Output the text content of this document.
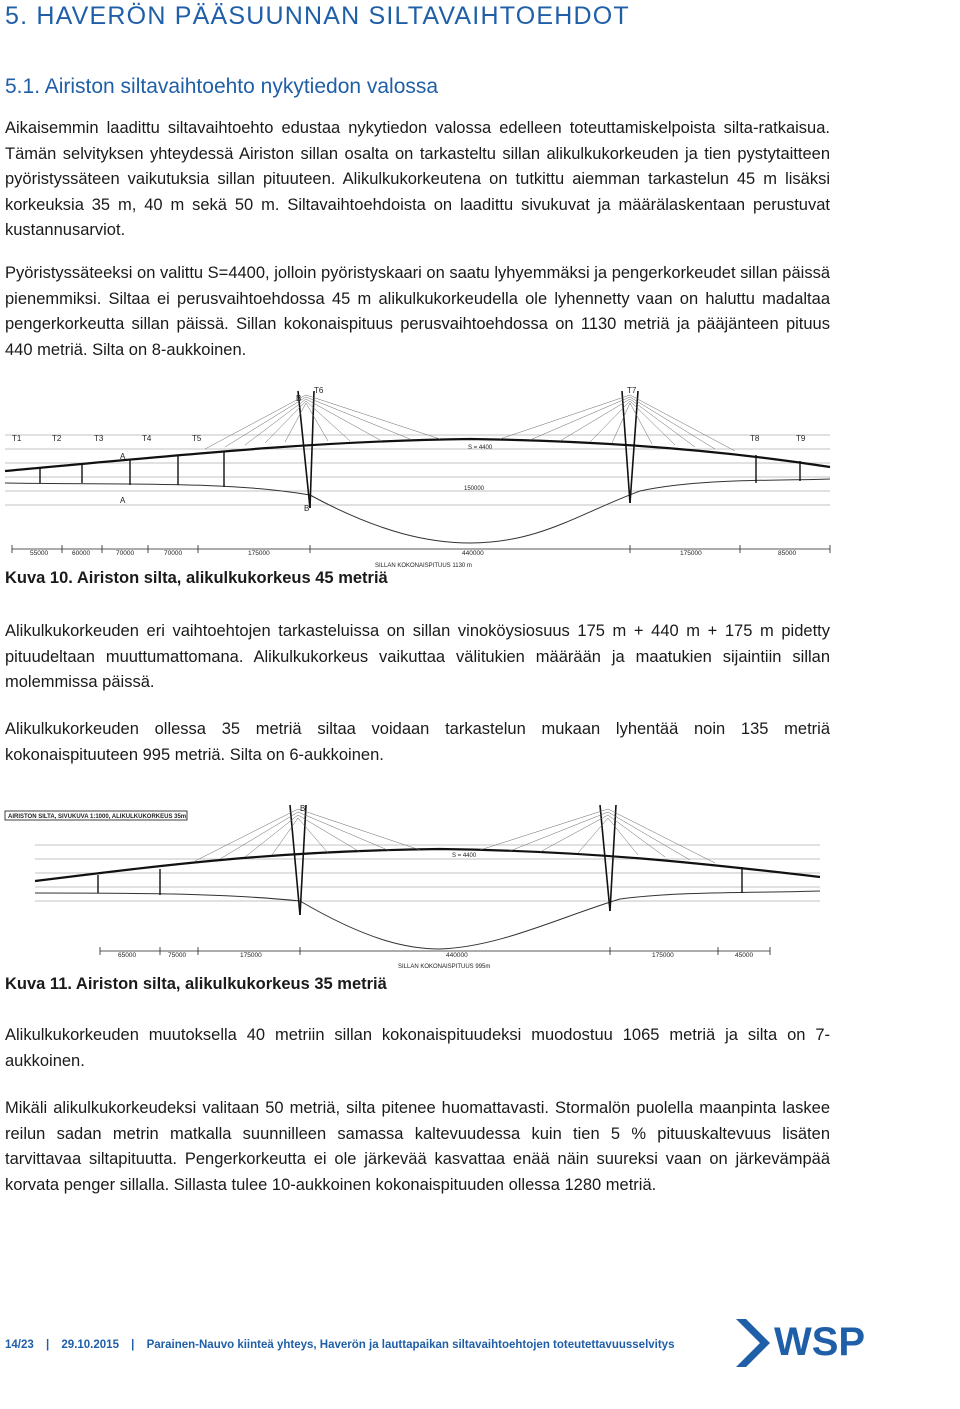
5. HAVERÖN PÄÄSUUNNAN SILTAVAIHTOEHDOT
5.1. Airiston siltavaihtoehto nykytiedon valossa

Aikaisemmin laadittu siltavaihtoehto edustaa nykytiedon valossa edelleen toteuttamiskelpoista silta-ratkaisua. Tämän selvityksen yhteydessä Airiston sillan osalta on tarkasteltu sillan alikulkukorkeuden ja tien pystytaitteen pyöristyssäteen vaikutuksia sillan pituuteen. Alikulkukorkeutena on tutkittu aiemman tarkastelun 45 m lisäksi korkeuksia 35 m, 40 m sekä 50 m. Siltavaihtoehdoista on laadittu sivukuvat ja määrälaskentaan perustuvat kustannusarviot.

Pyöristyssäteeksi on valittu S=4400, jolloin pyöristyskaari on saatu lyhyemmäksi ja pengerkorkeudet sillan päissä pienemmiksi. Siltaa ei perusvaihtoehdossa 45 m alikulkukorkeudella ole lyhennetty vaan on haluttu madaltaa pengerkorkeutta sillan päissä. Sillan kokonaispituus perusvaihtoehdossa on 1130 metriä ja pääjänteen pituus 440 metriä. Silta on 8-aukkoinen.

T6	T7
B
T1	T2	T3	T4	T5	T8	T9
A
A
B
S = 4400
150000
55000	60000	70000	70000	175000	440000	175000	85000
SILLAN KOKONAISPITUUS 1130 m
Kuva 10. Airiston silta, alikulkukorkeus 45 metriä

Alikulkukorkeuden eri vaihtoehtojen tarkasteluissa on sillan vinoköysiosuus 175 m + 440 m + 175 m pidetty pituudeltaan muuttumattomana. Alikulkukorkeus vaikuttaa välitukien määrään ja maatukien sijaintiin sillan molemmissa päissä.

Alikulkukorkeuden ollessa 35 metriä siltaa voidaan tarkastelun mukaan lyhentää noin 135 metriä kokonaispituuteen 995 metriä. Silta on 6-aukkoinen.

AIRISTON SILTA, SIVUKUVA 1:1000, ALIKULKUKORKEUS 35m
B
S = 4400
65000	75000	175000	440000	175000	45000
SILLAN KOKONAISPITUUS 995m
Kuva 11. Airiston silta, alikulkukorkeus 35 metriä

Alikulkukorkeuden muutoksella 40 metriin sillan kokonaispituudeksi muodostuu 1065 metriä ja silta on 7-aukkoinen.

Mikäli alikulkukorkeudeksi valitaan 50 metriä, silta pitenee huomattavasti. Stormalön puolella maanpinta laskee reilun sadan metrin matkalla suunnilleen samassa kaltevuudessa kuin tien 5 % pituuskaltevuus lisäten tarvittavaa siltapituutta. Pengerkorkeutta ei ole järkevää kasvattaa enää näin suureksi vaan on järkevämpää korvata penger sillalla. Sillasta tulee 10-aukkoinen kokonaispituuden ollessa 1280 metriä.

WSP
14/23 | 29.10.2015 | Parainen-Nauvo kiinteä yhteys, Haverön ja lauttapaikan siltavaihtoehtojen toteutettavuusselvitys
